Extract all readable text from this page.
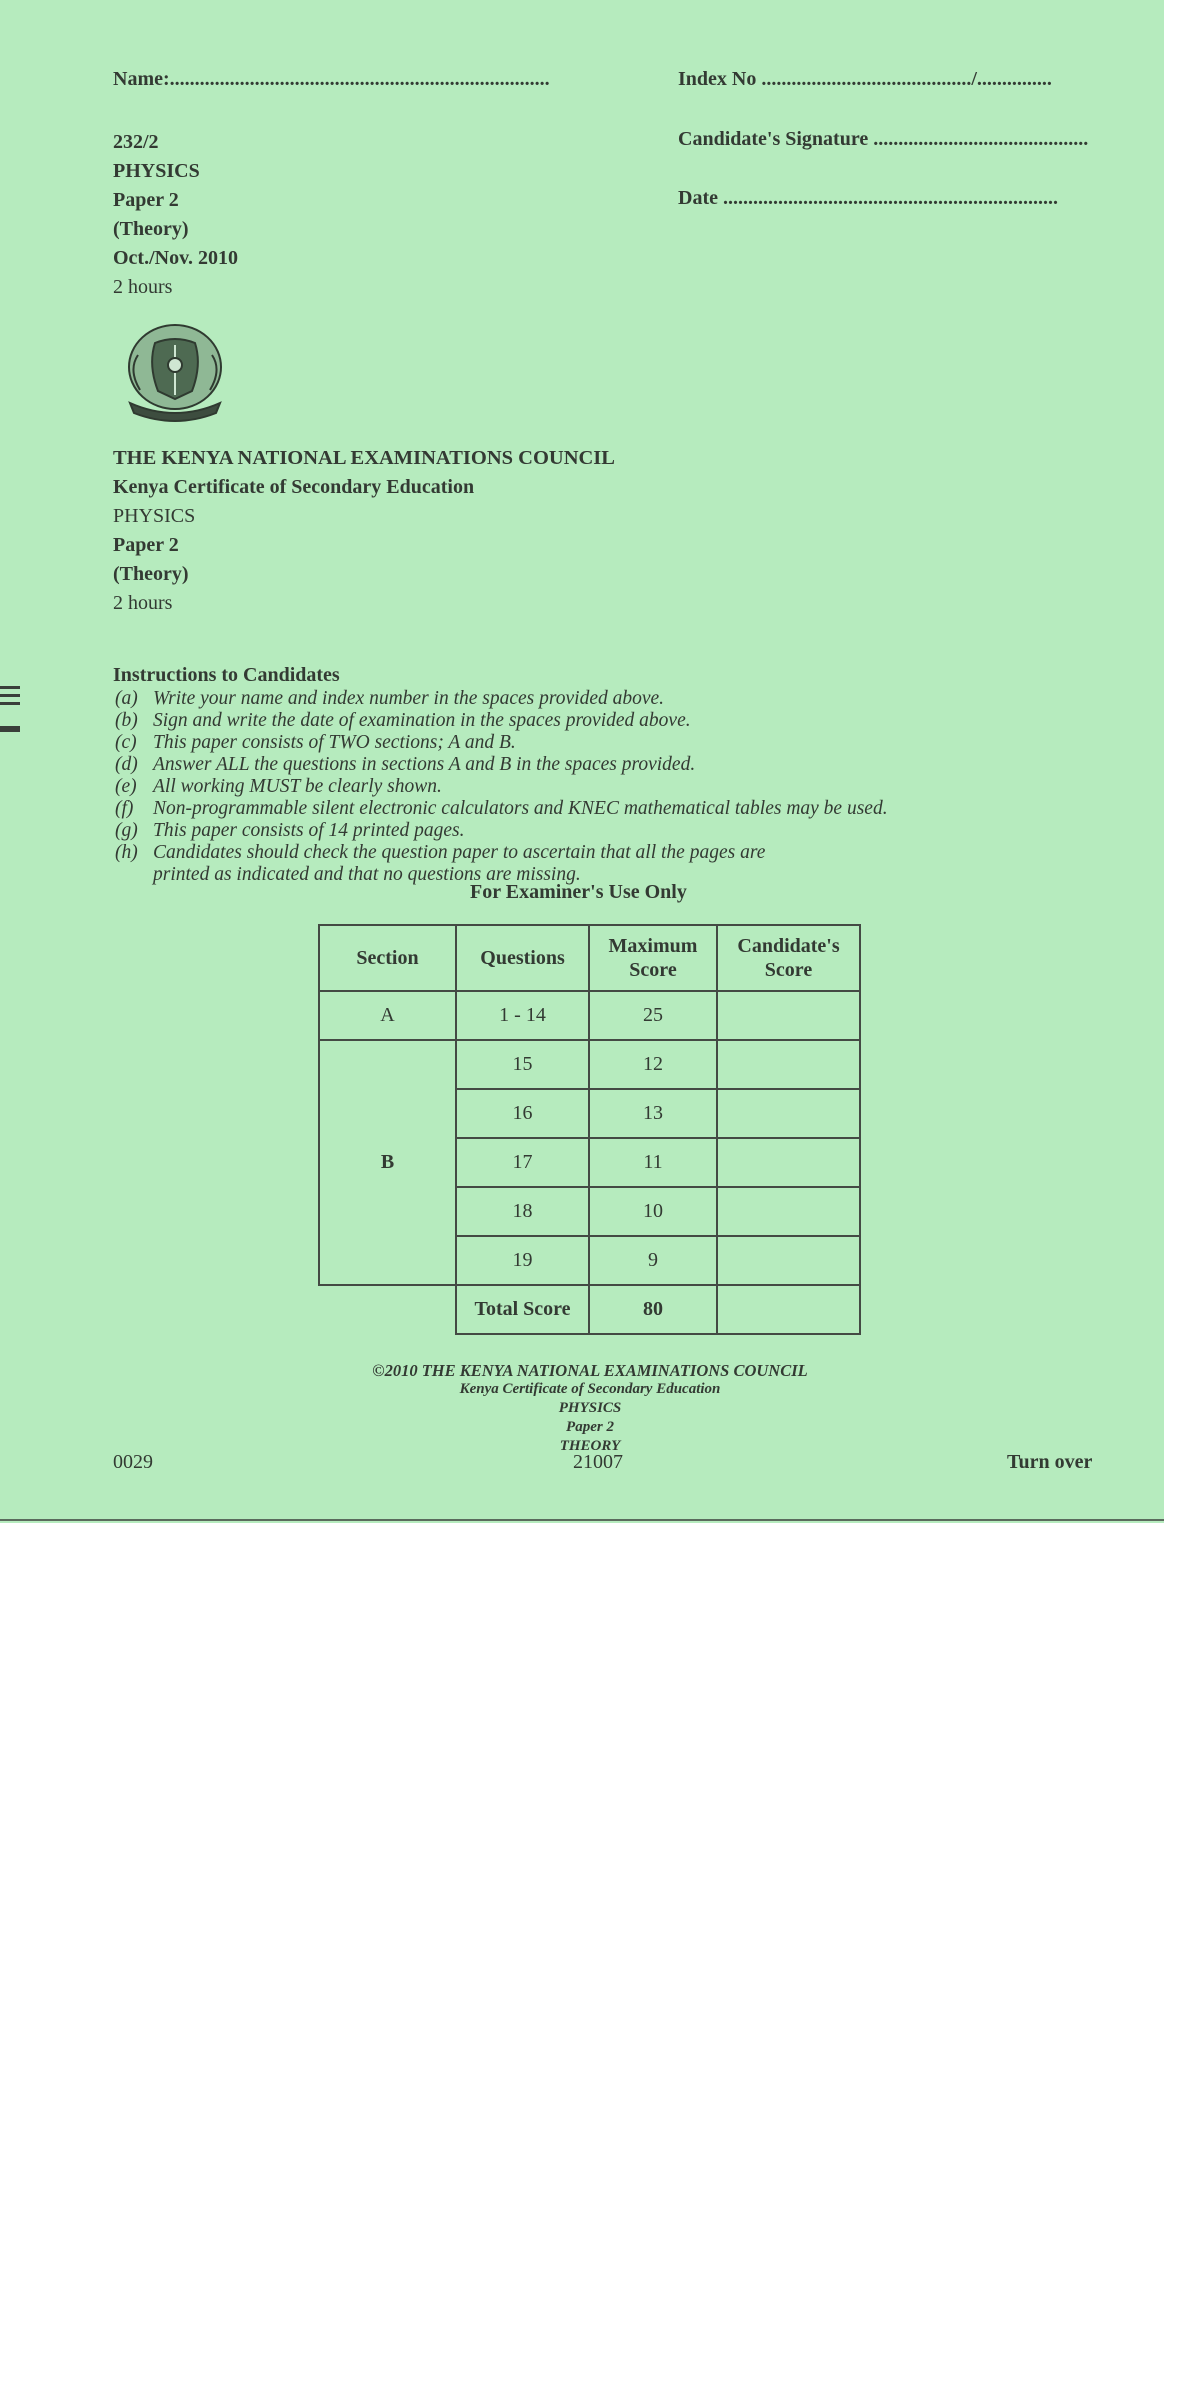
Name:............................................................................	Index No ........................................../...............
232/2
PHYSICS
Paper 2
(Theory)
Oct./Nov. 2010
2 hours
Candidate's Signature ...........................................
Date ...................................................................
THE KENYA NATIONAL EXAMINATIONS COUNCIL
Kenya Certificate of Secondary Education
PHYSICS
Paper 2
(Theory)
2 hours
Instructions to Candidates
(a) Write your name and index number in the spaces provided above.
(b) Sign and write the date of examination in the spaces provided above.
(c) This paper consists of TWO sections; A and B.
(d) Answer ALL the questions in sections A and B in the spaces provided.
(e) All working MUST be clearly shown.
(f) Non-programmable silent electronic calculators and KNEC mathematical tables may be used.
(g) This paper consists of 14 printed pages.
(h) Candidates should check the question paper to ascertain that all the pages are
printed as indicated and that no questions are missing.
For Examiner's Use Only
Section	Questions	Maximum Score	Candidate's Score
A	1 - 14	25	
B	15	12	
	16	13	
	17	11	
	18	10	
	19	9	
	Total Score	80	
©2010 THE KENYA NATIONAL EXAMINATIONS COUNCIL
Kenya Certificate of Secondary Education
PHYSICS
Paper 2
THEORY
21007
0029	Turn over
